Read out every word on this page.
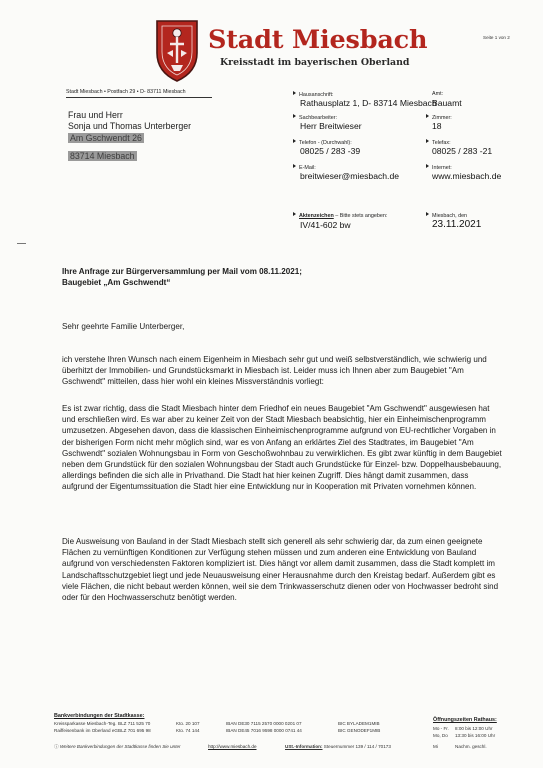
Seite 1 von 2
Stadt Miesbach
Kreisstadt im bayerischen Oberland
Stadt Miesbach • Postfach 29 • D- 83711 Miesbach
Frau und Herr
Sonja und Thomas Unterberger
Am Gschwendt 26
83714 Miesbach
Hausanschrift:
Rathausplatz 1, D- 83714 Miesbach
Sachbearbeiter:
Herr Breitwieser
Telefon - (Durchwahl):
08025 / 283 -39
E-Mail:
breitwieser@miesbach.de
Amt:
Bauamt
Zimmer:
18
Telefax:
08025 / 283 -21
Internet:
www.miesbach.de
Aktenzeichen – Bitte stets angeben:
IV/41-602 bw
Miesbach, den
23.11.2021
Ihre Anfrage zur Bürgerversammlung per Mail vom 08.11.2021;
Baugebiet „Am Gschwendt“
Sehr geehrte Familie Unterberger,
ich verstehe Ihren Wunsch nach einem Eigenheim in Miesbach sehr gut und weiß selbstverständlich, wie schwierig und überhitzt der Immobilien- und Grundstücksmarkt in Miesbach ist. Leider muss ich Ihnen aber zum Baugebiet "Am Gschwendt" mitteilen, dass hier wohl ein kleines Missverständnis vorliegt:
Es ist zwar richtig, dass die Stadt Miesbach hinter dem Friedhof ein neues Baugebiet "Am Gschwendt" ausgewiesen hat und erschließen wird. Es war aber zu keiner Zeit von der Stadt Miesbach beabsichtig, hier ein Einheimischenprogramm umzusetzen. Abgesehen davon, dass die klassischen Einheimischenprogramme aufgrund von EU-rechtlicher Vorgaben in der bisherigen Form nicht mehr möglich sind, war es von Anfang an erklärtes Ziel des Stadtrates, im Baugebiet "Am Gschwendt" sozialen Wohnungsbau in Form von Geschoßwohnbau zu verwirklichen. Es gibt zwar künftig in dem Baugebiet neben dem Grundstück für den sozialen Wohnungsbau der Stadt auch Grundstücke für Einzel- bzw. Doppelhausbebauung, allerdings befinden die sich alle in Privathand. Die Stadt hat hier keinen Zugriff. Dies hängt damit zusammen, dass aufgrund der Eigentumssituation die Stadt hier eine Entwicklung nur in Kooperation mit Privaten vornehmen können.
Die Ausweisung von Bauland in der Stadt Miesbach stellt sich generell als sehr schwierig dar, da zum einen geeignete Flächen zu vernünftigen Konditionen zur Verfügung stehen müssen und zum anderen eine Entwicklung von Bauland aufgrund von verschiedensten Faktoren kompliziert ist. Dies hängt vor allem damit zusammen, dass die Stadt komplett im Landschaftsschutzgebiet liegt und jede Neuausweisung einer Herausnahme durch den Kreistag bedarf. Außerdem gibt es viele Flächen, die nicht bebaut werden können, weil sie dem Trinkwasserschutz dienen oder von Hochwasser bedroht sind oder für den Hochwasserschutz benötigt werden.
Bankverbindungen der Stadtkasse:
Kreissparkasse Miesbach-Teg. BLZ 711 525 70	Kto. 20 107	IBAN DE30 7115 2570 0000 0201 07	BIC BYLADEM1MIB
Raiffeisenbank im Oberland eG BLZ 701 695 98	Kto. 74 144	IBAN DE45 7016 9598 0000 0741 44	BIC GENODEF1MIB
ⓘ Weitere Bankverbindungen der Stadtkasse finden Sie unter	http://www.miesbach.de	USt.-Information: Steuernummer 139 / 114 / 70173
Öffnungszeiten Rathaus:
Mo - Fr. 8:00 bis 12:00 Uhr
Mo, Do 13:30 bis 16:00 Uhr
Mi	Nachm. geschl.
